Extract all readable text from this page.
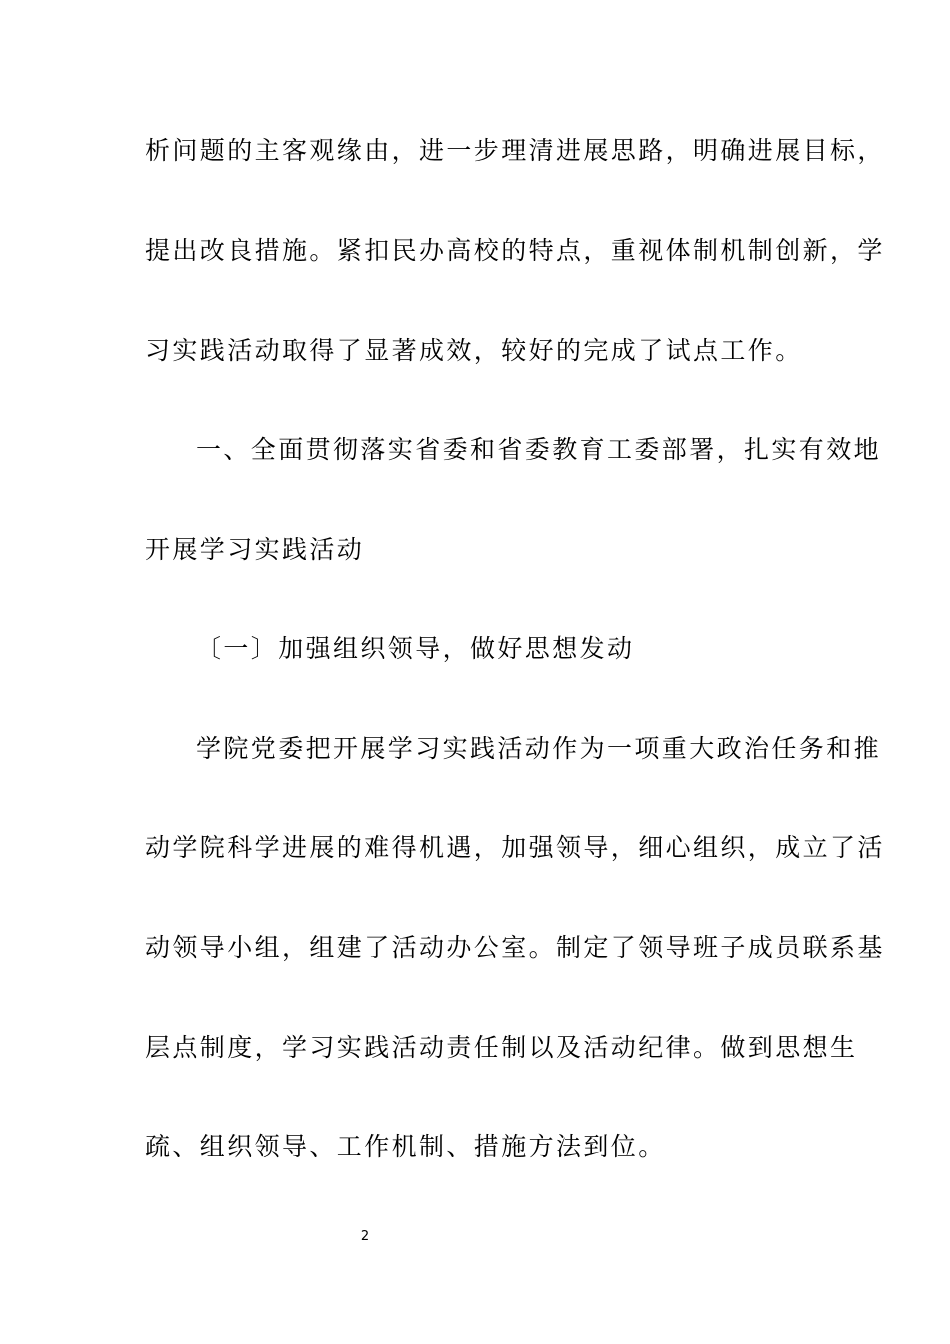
析问题的主客观缘由，进一步理清进展思路，明确进展目标，
提出改良措施。紧扣民办高校的特点，重视体制机制创新，学
习实践活动取得了显著成效，较好的完成了试点工作。
一、全面贯彻落实省委和省委教育工委部署，扎实有效地
开展学习实践活动
〔一〕加强组织领导，做好思想发动
学院党委把开展学习实践活动作为一项重大政治任务和推
动学院科学进展的难得机遇，加强领导，细心组织，成立了活
动领导小组，组建了活动办公室。制定了领导班子成员联系基
层点制度，学习实践活动责任制以及活动纪律。做到思想生
疏、组织领导、工作机制、措施方法到位。
2
